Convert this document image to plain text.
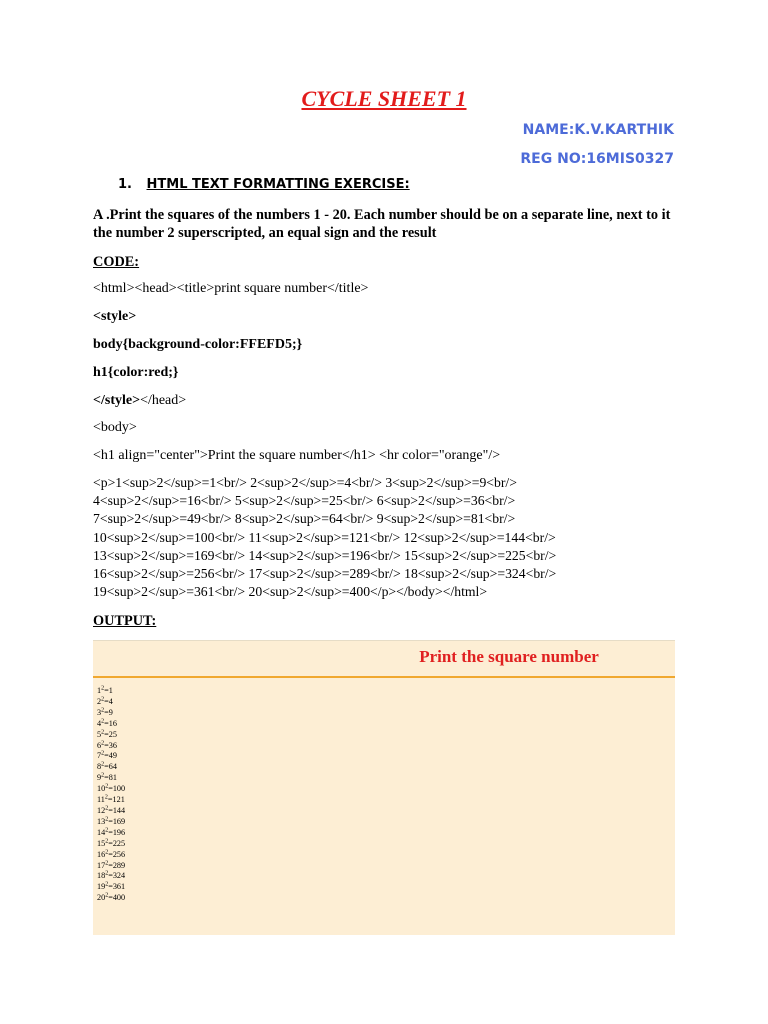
CYCLE SHEET 1
NAME:K.V.KARTHIK
REG NO:16MIS0327
1. HTML TEXT FORMATTING EXERCISE:
A .Print the squares of the numbers 1 - 20. Each number should be on a separate line, next to it the number 2 superscripted, an equal sign and the result
CODE:
<html><head><title>print square number</title>
<style>
body{background-color:FFEFD5;}
h1{color:red;}
</style></head>
<body>
<h1 align="center">Print the square number</h1> <hr color="orange"/>
<p>1<sup>2</sup>=1<br/> 2<sup>2</sup>=4<br/> 3<sup>2</sup>=9<br/>
4<sup>2</sup>=16<br/> 5<sup>2</sup>=25<br/> 6<sup>2</sup>=36<br/>
7<sup>2</sup>=49<br/> 8<sup>2</sup>=64<br/> 9<sup>2</sup>=81<br/>
10<sup>2</sup>=100<br/> 11<sup>2</sup>=121<br/> 12<sup>2</sup>=144<br/>
13<sup>2</sup>=169<br/> 14<sup>2</sup>=196<br/> 15<sup>2</sup>=225<br/>
16<sup>2</sup>=256<br/> 17<sup>2</sup>=289<br/> 18<sup>2</sup>=324<br/>
19<sup>2</sup>=361<br/> 20<sup>2</sup>=400</p></body></html>
OUTPUT:
Print the square number
$1^2=1$
$2^2=4$
$3^2=9$
$4^2=16$
$5^2=25$
$6^2=36$
$7^2=49$
$8^2=64$
$9^2=81$
$10^2=100$
$11^2=121$
$12^2=144$
$13^2=169$
$14^2=196$
$15^2=225$
$16^2=256$
$17^2=289$
$18^2=324$
$19^2=361$
$20^2=400$
